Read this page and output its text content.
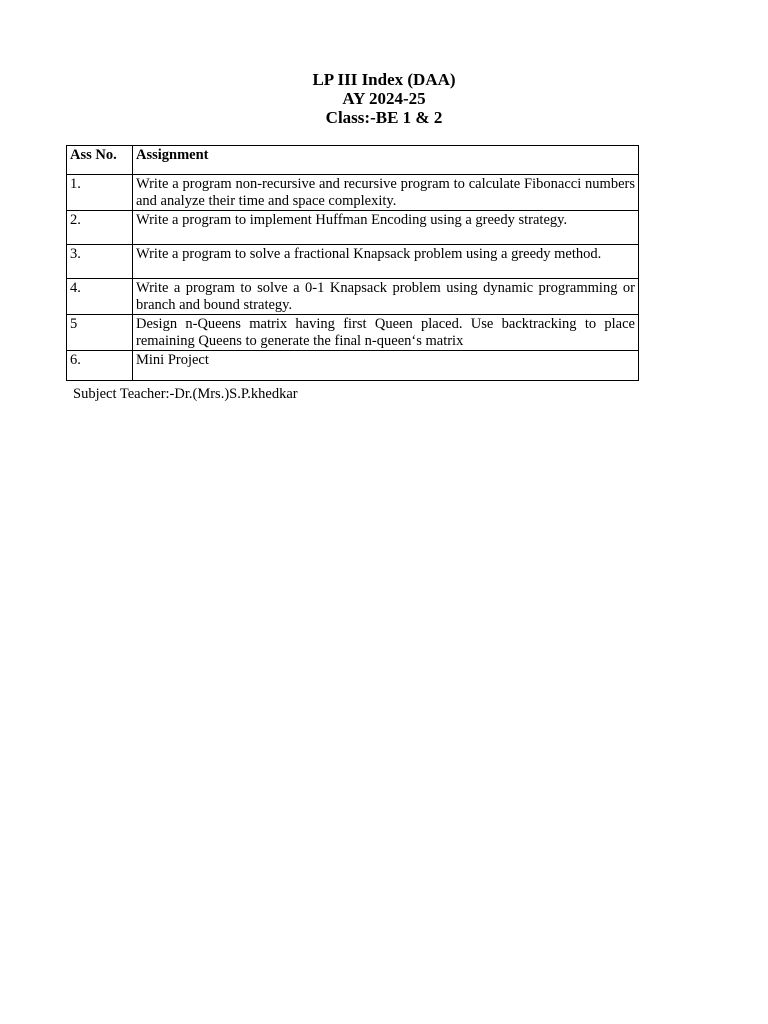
LP III Index (DAA)
AY 2024-25
Class:-BE 1 & 2
Ass No.	Assignment
1.	Write a program non-recursive and recursive program to calculate Fibonacci numbers and analyze their time and space complexity.
2.	Write a program to implement Huffman Encoding using a greedy strategy.
3.	Write a program to solve a fractional Knapsack problem using a greedy method.
4.	Write a program to solve a 0-1 Knapsack problem using dynamic programming or branch and bound strategy.
5	Design n-Queens matrix having first Queen placed. Use backtracking to place remaining Queens to generate the final n-queen‘s matrix
6.	Mini Project
Subject Teacher:-Dr.(Mrs.)S.P.khedkar
